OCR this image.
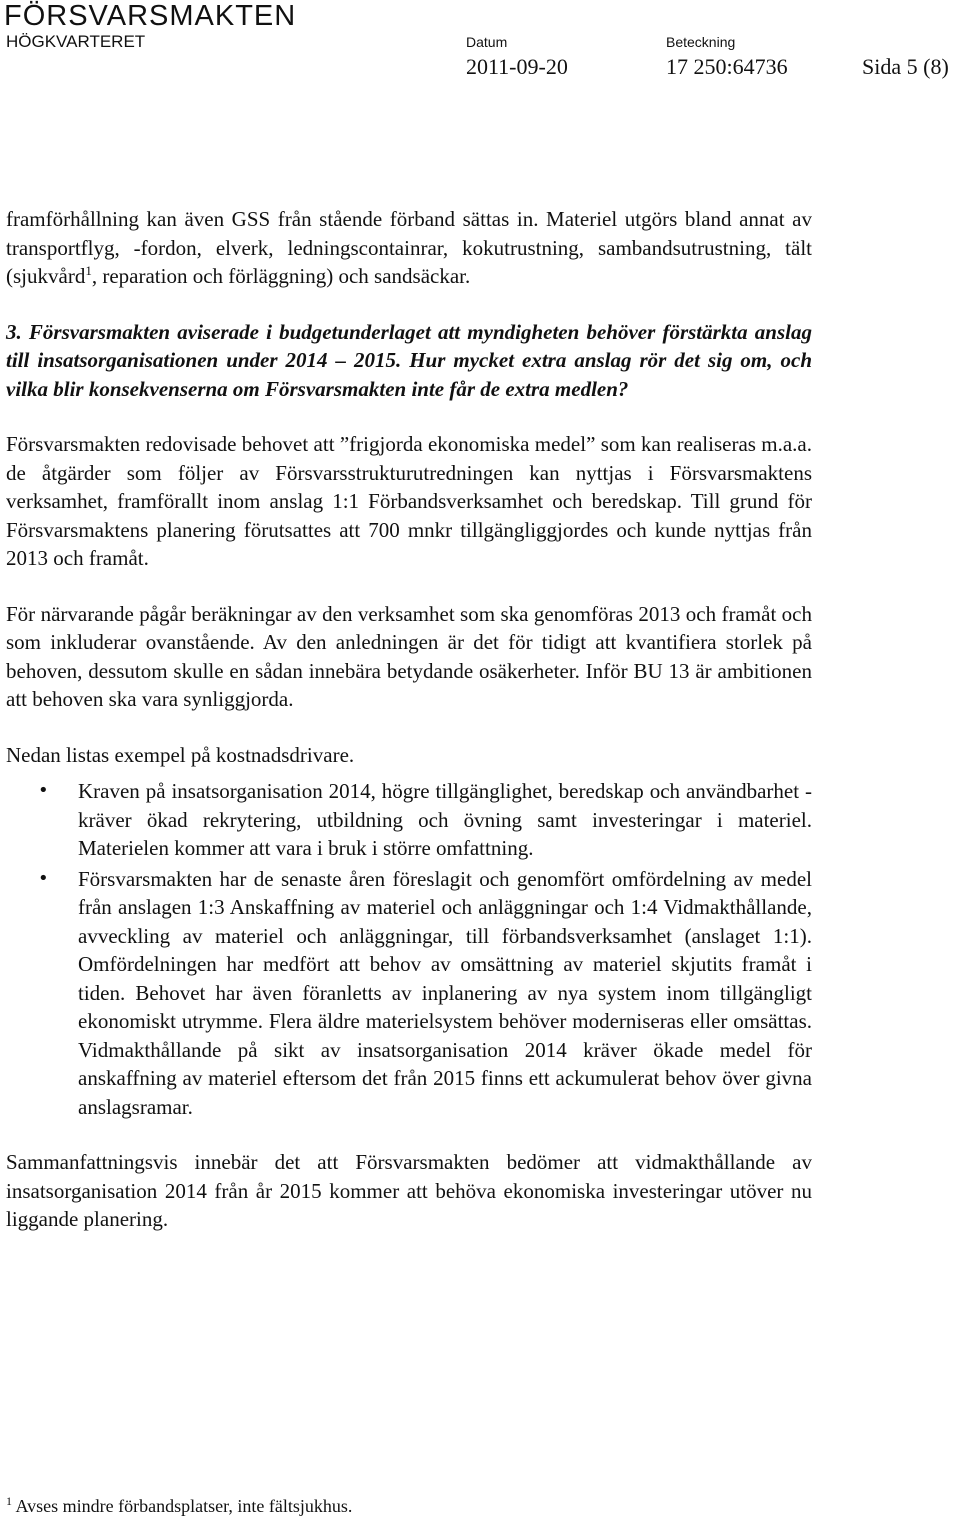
FÖRSVARSMAKTEN
HÖGKVARTERET	Datum	Beteckning
2011-09-20	17 250:64736	Sida 5 (8)

framförhållning kan även GSS från stående förband sättas in. Materiel utgörs bland annat av transportflyg, -fordon, elverk, ledningscontainrar, kokutrustning, sambandsutrustning, tält (sjukvård$^1$, reparation och förläggning) och sandsäckar.

3. Försvarsmakten aviserade i budgetunderlaget att myndigheten behöver förstärkta anslag till insatsorganisationen under 2014 – 2015. Hur mycket extra anslag rör det sig om, och vilka blir konsekvenserna om Försvarsmakten inte får de extra medlen?

Försvarsmakten redovisade behovet att ”frigjorda ekonomiska medel” som kan realiseras m.a.a. de åtgärder som följer av Försvarsstrukturutredningen kan nyttjas i Försvarsmaktens verksamhet, framförallt inom anslag 1:1 Förbandsverksamhet och beredskap. Till grund för Försvarsmaktens planering förutsattes att 700 mnkr tillgängliggjordes och kunde nyttjas från 2013 och framåt.

För närvarande pågår beräkningar av den verksamhet som ska genomföras 2013 och framåt och som inkluderar ovanstående. Av den anledningen är det för tidigt att kvantifiera storlek på behoven, dessutom skulle en sådan innebära betydande osäkerheter. Inför BU 13 är ambitionen att behoven ska vara synliggjorda.

Nedan listas exempel på kostnadsdrivare.

• Kraven på insatsorganisation 2014, högre tillgänglighet, beredskap och användbarhet - kräver ökad rekrytering, utbildning och övning samt investeringar i materiel. Materielen kommer att vara i bruk i större omfattning.
• Försvarsmakten har de senaste åren föreslagit och genomfört omfördelning av medel från anslagen 1:3 Anskaffning av materiel och anläggningar och 1:4 Vidmakthållande, avveckling av materiel och anläggningar, till förbandsverksamhet (anslaget 1:1). Omfördelningen har medfört att behov av omsättning av materiel skjutits framåt i tiden. Behovet har även föranletts av inplanering av nya system inom tillgängligt ekonomiskt utrymme. Flera äldre materielsystem behöver moderniseras eller omsättas. Vidmakthållande på sikt av insatsorganisation 2014 kräver ökade medel för anskaffning av materiel eftersom det från 2015 finns ett ackumulerat behov över givna anslagsramar.

Sammanfattningsvis innebär det att Försvarsmakten bedömer att vidmakthållande av insatsorganisation 2014 från år 2015 kommer att behöva ekonomiska investeringar utöver nu liggande planering.

$^1$ Avses mindre förbandsplatser, inte fältsjukhus.
